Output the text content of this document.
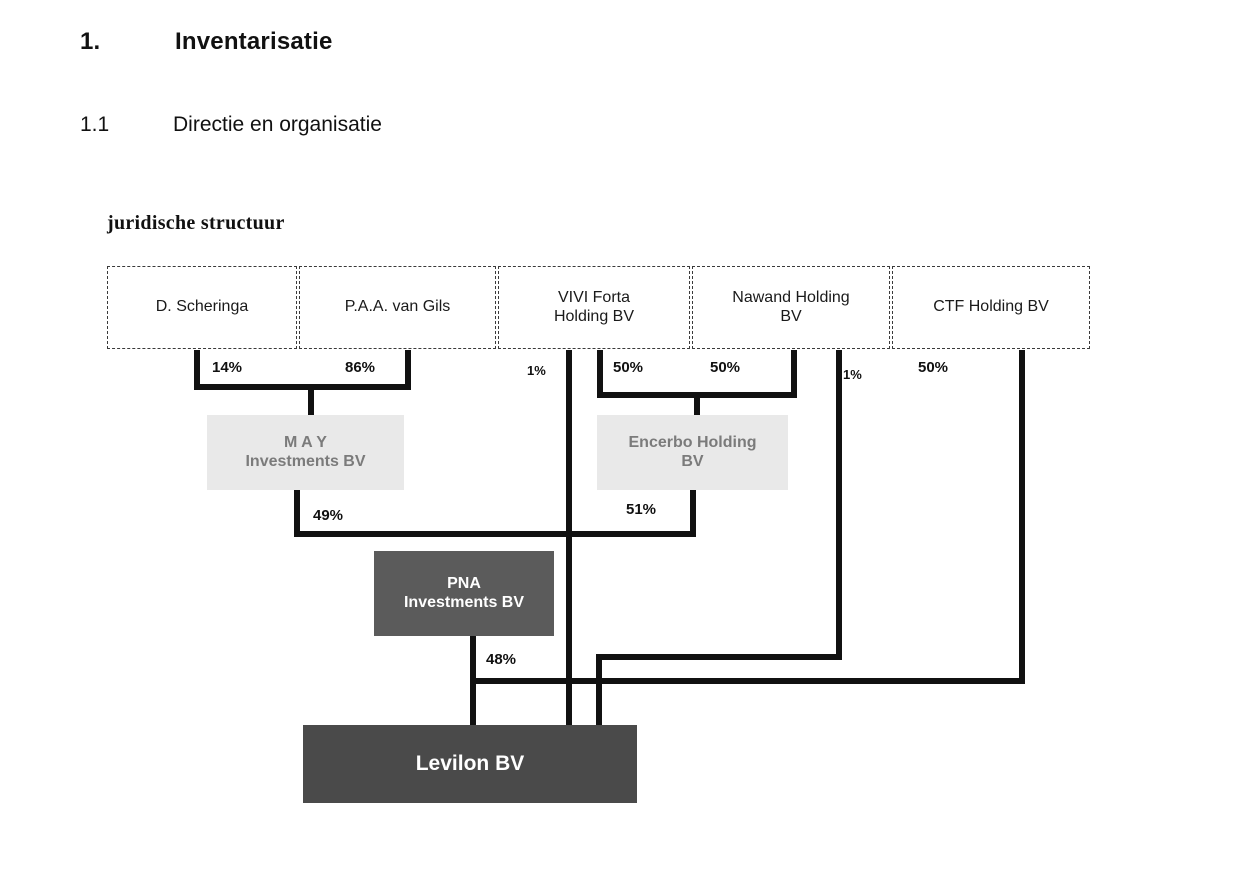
1.	Inventarisatie
1.1	Directie en organisatie
juridische structuur
D. Scheringa	P.A.A. van Gils
VIVI Forta
Holding BV
Nawand Holding
BV
CTF Holding BV
M A Y
Investments BV
Encerbo Holding
BV
PNA
Investments BV
Levilon BV
14%	86%	1%	50%	50%	1%	50%
49%	51%
48%
